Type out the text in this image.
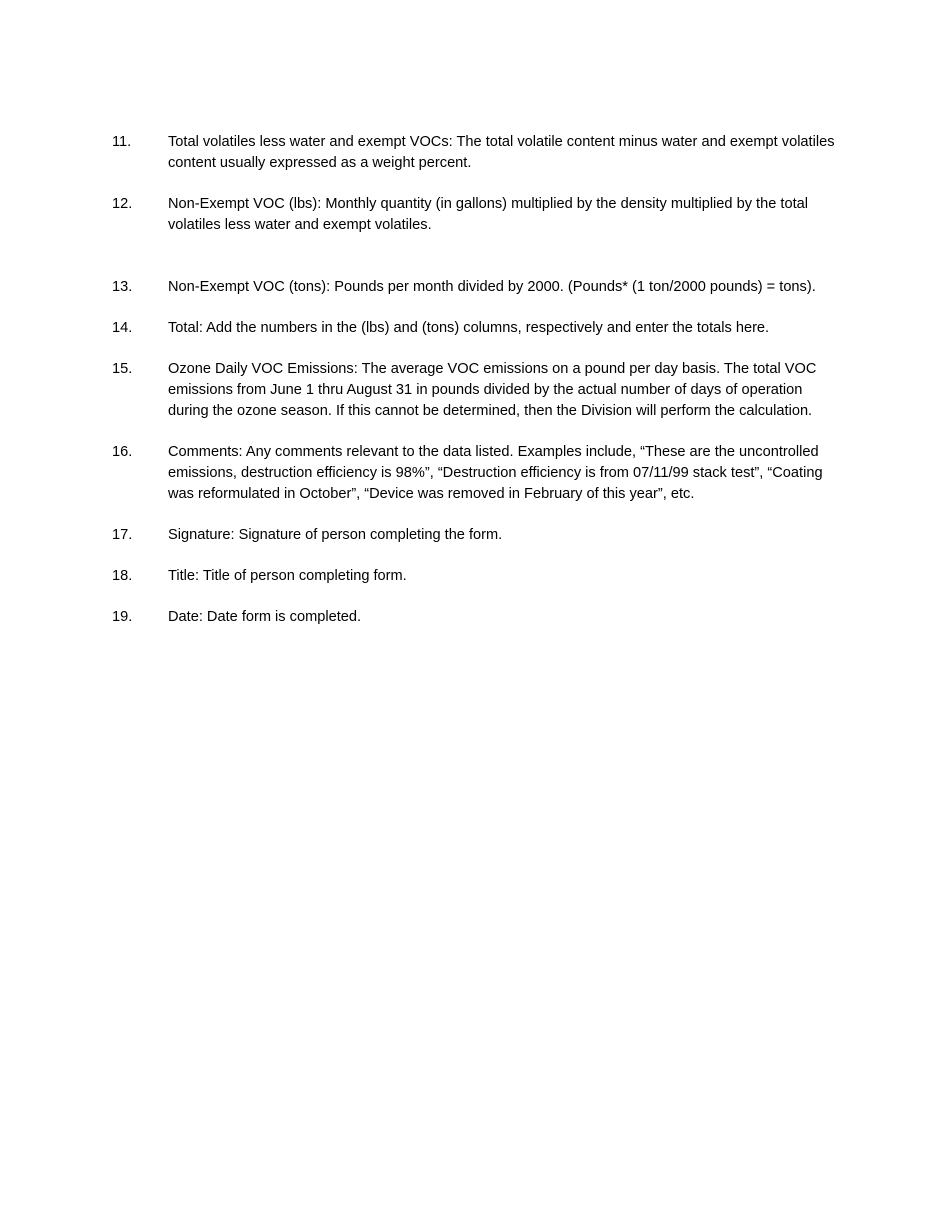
11.	Total volatiles less water and exempt VOCs: The total volatile content minus water and exempt volatiles content usually expressed as a weight percent.
12.	Non-Exempt VOC (lbs): Monthly quantity (in gallons) multiplied by the density multiplied by the total volatiles less water and exempt volatiles.
13.	Non-Exempt VOC (tons): Pounds per month divided by 2000. (Pounds* (1 ton/2000 pounds) = tons).
14.	Total: Add the numbers in the (lbs) and (tons) columns, respectively and enter the totals here.
15.	Ozone Daily VOC Emissions: The average VOC emissions on a pound per day basis. The total VOC emissions from June 1 thru August 31 in pounds divided by the actual number of days of operation during the ozone season. If this cannot be determined, then the Division will perform the calculation.
16.	Comments: Any comments relevant to the data listed. Examples include, “These are the uncontrolled emissions, destruction efficiency is 98%”, “Destruction efficiency is from 07/11/99 stack test”, “Coating was reformulated in October”, “Device was removed in February of this year”, etc.
17.	Signature: Signature of person completing the form.
18.	Title: Title of person completing form.
19.	Date: Date form is completed.
